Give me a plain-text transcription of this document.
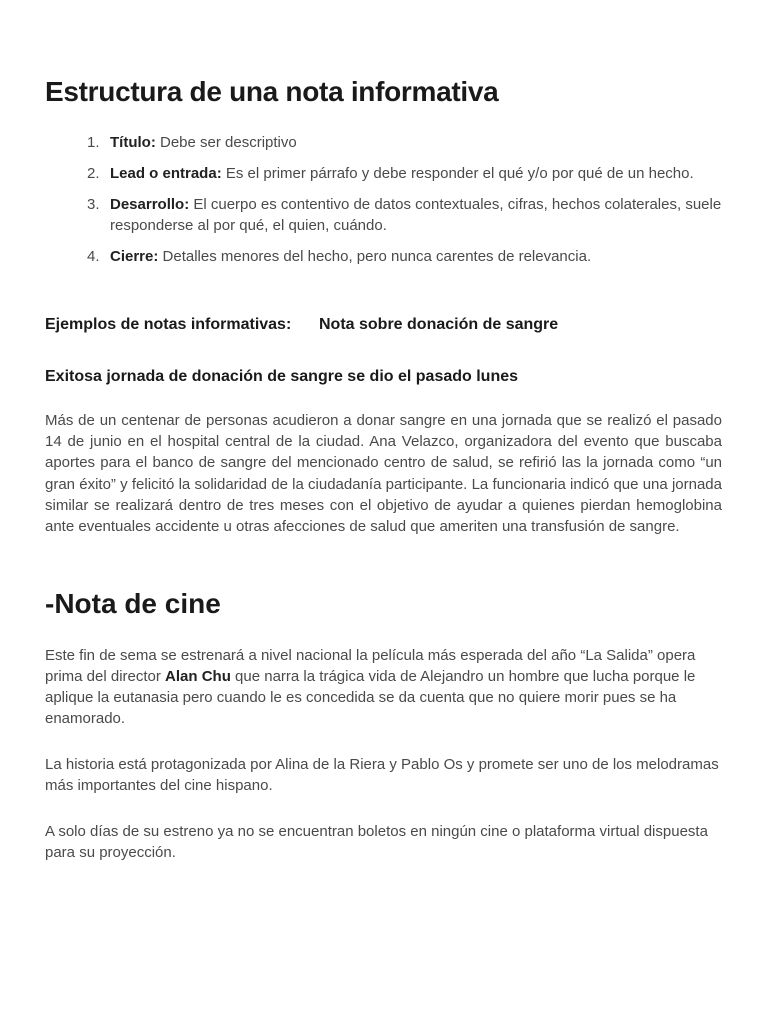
Estructura de una nota informativa
1. Título: Debe ser descriptivo
2. Lead o entrada: Es el primer párrafo y debe responder el qué y/o por qué de un hecho.
3. Desarrollo: El cuerpo es contentivo de datos contextuales, cifras, hechos colaterales, suele responderse al por qué, el quien, cuándo.
4. Cierre: Detalles menores del hecho, pero nunca carentes de relevancia.
Ejemplos de notas informativas: Nota sobre donación de sangre
Exitosa jornada de donación de sangre se dio el pasado lunes

Más de un centenar de personas acudieron a donar sangre en una jornada que se realizó el pasado 14 de junio en el hospital central de la ciudad. Ana Velazco, organizadora del evento que buscaba aportes para el banco de sangre del mencionado centro de salud, se refirió las la jornada como “un gran éxito” y felicitó la solidaridad de la ciudadanía participante. La funcionaria indicó que una jornada similar se realizará dentro de tres meses con el objetivo de ayudar a quienes pierdan hemoglobina ante eventuales accidente u otras afecciones de salud que ameriten una transfusión de sangre.

-Nota de cine

Este fin de sema se estrenará a nivel nacional la película más esperada del año “La Salida” opera prima del director Alan Chu que narra la trágica vida de Alejandro un hombre que lucha porque le aplique la eutanasia pero cuando le es concedida se da cuenta que no quiere morir pues se ha enamorado.

La historia está protagonizada por Alina de la Riera y Pablo Os y promete ser uno de los melodramas más importantes del cine hispano.

A solo días de su estreno ya no se encuentran boletos en ningún cine o plataforma virtual dispuesta para su proyección.
